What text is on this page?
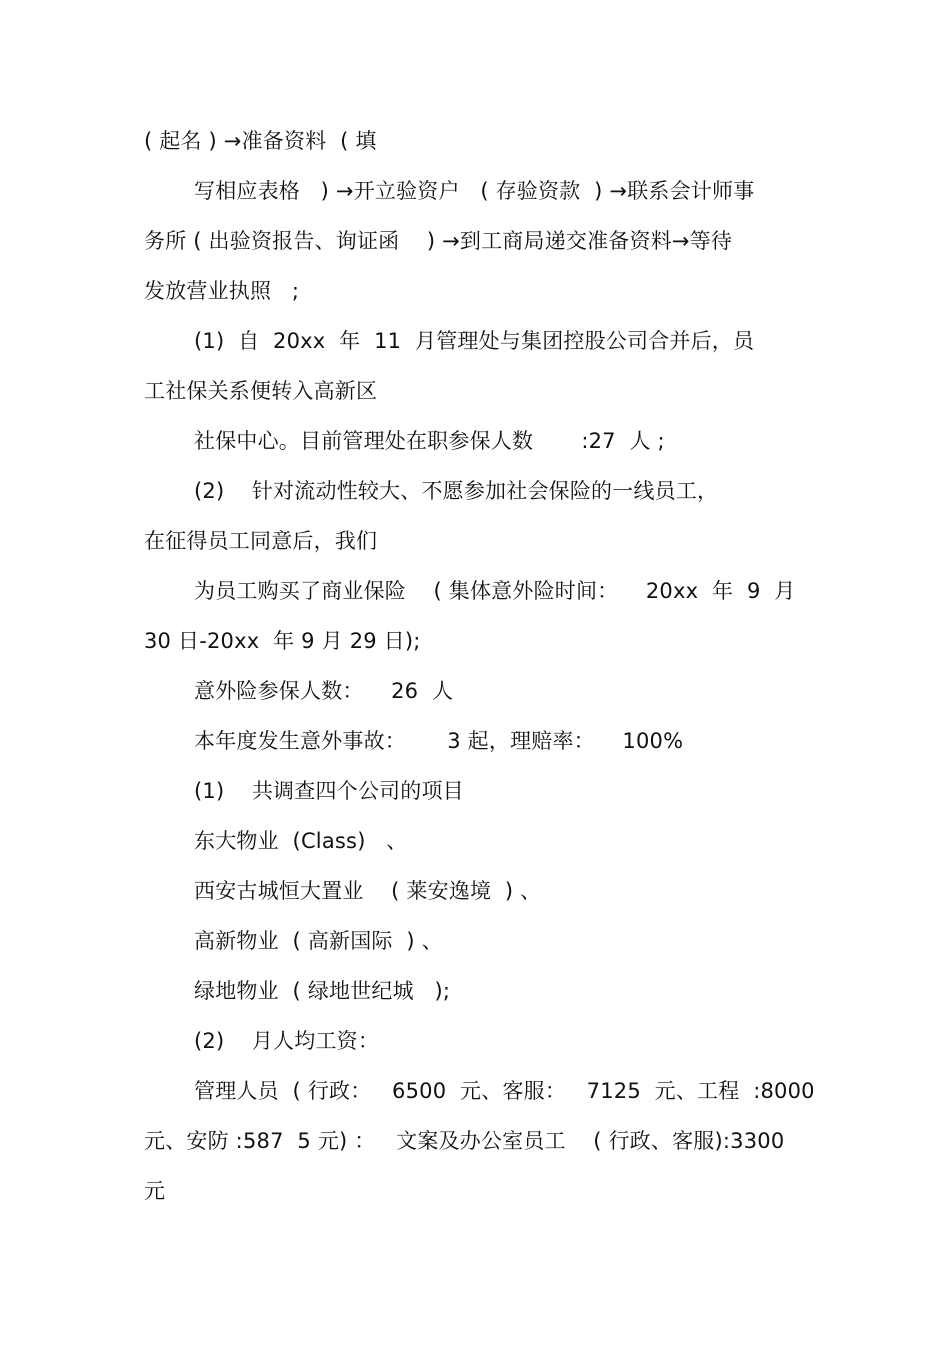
( 起名 ) →准备资料  ( 填

写相应表格   ) →开立验资户   ( 存验资款  ) →联系会计师事

务所 ( 出验资报告、询证函    ) →到工商局递交准备资料→等待

发放营业执照   ;

(1)  自  20xx  年  11  月管理处与集团控股公司合并后，员

工社保关系便转入高新区

社保中心。目前管理处在职参保人数       :27  人 ;

(2)    针对流动性较大、不愿参加社会保险的一线员工，

在征得员工同意后，我们

为员工购买了商业保险    ( 集体意外险时间：    20xx  年  9  月

30 日-20xx  年 9 月 29 日);

意外险参保人数：    26  人

本年度发生意外事故：      3 起，理赔率：    100%

(1)    共调查四个公司的项目

东大物业  (Class)   、

西安古城恒大置业    ( 莱安逸境  ) 、

高新物业  ( 高新国际  ) 、

绿地物业  ( 绿地世纪城   );

(2)    月人均工资：

管理人员  ( 行政：   6500  元、客服：   7125  元、工程  :8000

元、安防 :587  5 元) ：   文案及办公室员工    ( 行政、客服):3300

元
